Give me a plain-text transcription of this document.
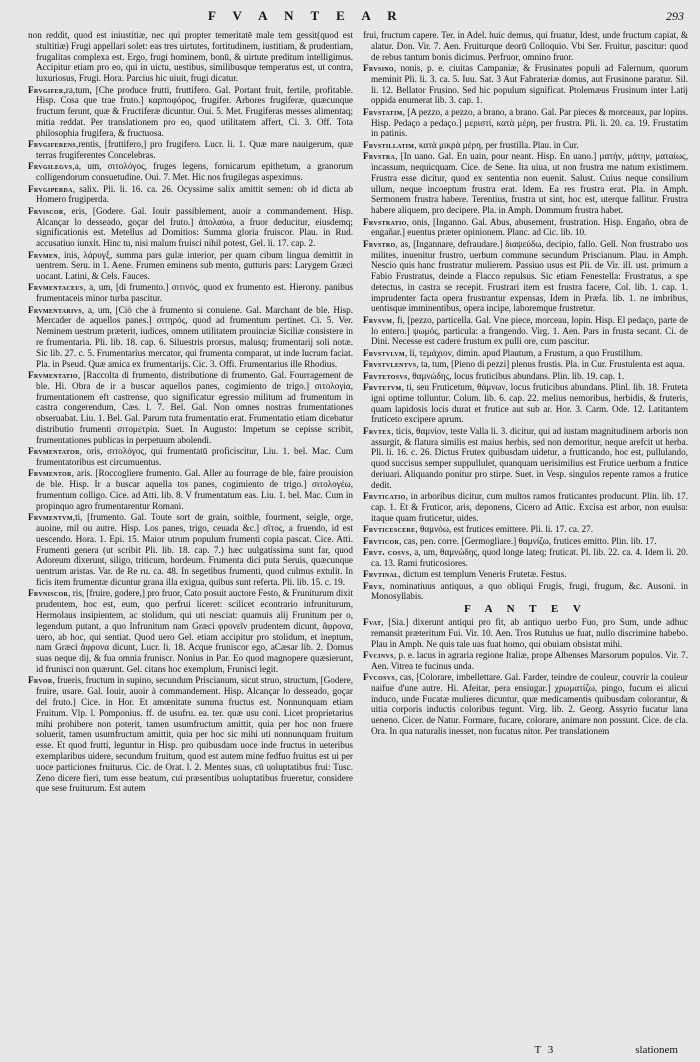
F V A N T E A R	293

non reddit, quod est iniustitiæ, nec qui propter temeritatē male tem gessit(quod est stultitiæ) Frugi appellari solet: eas tres uirtutes, fortitudinem, iustitiam, & prudentiam, frugalitas complexa est. Ergo, frugi hominem, bonū, & uirtute preditum intelligimus. Accipitur etiam pro eo, qui in uictu, uestibus, similibusque temperatus est, ut contra, luxuriosus, Frugi. Hora. Parcius hic uiuit, frugi dicatur.

Frvgifer,ra,tum, [Che produce frutti, fruttifero. Gal. Portant fruit, fertile, profitable. Hisp. Cosa que trae fruto.] καρποφόρος, frugifer. Arbores frugiferæ, quæcunque fructum ferunt, quæ & Fructiferæ dicuntur. Oui. 5. Met. Frugiferas messes alimentaq; mitia reddat. Per translationem pro eo, quod utilitatem affert, Ci. 3. Off. Tota philosophia frugifera, & fructuosa.

Frvgiferens,rentis, [fruttifero,] pro frugifero. Lucr. li. 1. Quæ mare nauigerum, quæ terras frugiferentes Concelebras.

Frvgilegvs,a, um, σιτολόγος, fruges legens, fornicarum epithetum, a granorum colligendorum consuetudine. Oui. 7. Met. Hic nos frugilegas aspeximus.

Frvgiperda, salix. Pli. li. 16. ca. 26. Ocyssime salix amittit semen: ob id dicta ab Homero frugiperda.

Frviscor, eris, [Godere. Gal. Iouir passiblement, auoir a commandement. Hisp. Alcançar lo desseado, goçar del fruto.] ἀπολαύω, a fruor deducitur, eiusdemq; significationis est. Metellus ad Domitios: Summa gloria fruiscor. Plau. in Rud. accusatiuo iunxit. Hinc tu, nisi malum fruisci nihil potest, Gel. li. 17. cap. 2.

Frvmen, inis, λάρυγξ, summa pars gulæ interior, per quam cibum lingua demittit in uentrem. Seru. in 1. Aene. Frumen eminens sub mento, gutturis pars: Larygem Græci uocant. Latini, & Cels. Fauces.

Frvmentaceus, a, um, [di frumento.] σιτινός, quod ex frumento est. Hierony. panibus frumentaceis minor turba pascitur.

Frvmentarivs, a, um, [Ciò che à frumento si conuiene. Gal. Marchant de ble. Hisp. Mercader de aquellos panes.] σιτηρός, quod ad frumentum pertinet. Ci. 5. Ver. Neminem uestrum præterit, iudices, omnem utilitatem prouinciæ Siciliæ consistere in re frumentaria. Pli. lib. 18. cap. 6. Siluestris prorsus, malusq; frumentarij soli notæ. Sic lib. 27. c. 5. Frumentarius mercator, qui frumenta comparat, ut inde lucrum faciat. Pla. in Pseud. Quæ amica ex frumentarijs. Cic. 3. Offi. Frumentarius ille Rhodius.

Frvmentatio, [Raccolta di frumento, distributione di frumento. Gal. Fourragement de ble. Hi. Obra de ir a buscar aquellos panes, cogimiento de trigo.] σιτολογία, frumentationem eft castrense, quo significatur egressio militum ad frumentum in castra congerendum, Cæs. l. 7. Bel. Gal. Non omnes nostras frumentationes obseruabat. Liu. 1. Bel. Gal. Parum tuta frumentatio erat. Frumentatio etiam dicebatur distributio frumenti σιτομετρία. Suet. In Augusto: Impetum se cepisse scribit, frumentationes publicas in perpetuum abolendi.

Frvmentator, oris, σιτολόγος, qui frumentatū proficiscitur, Liu. 1. bel. Mac. Cum frumentatoribus est circumuentus.

Frvmentor, aris. [Roccogliere frumento. Gal. Aller au fourrage de ble, faire prouision de ble. Hisp. Ir a buscar aquella tos panes, cogimiento de trigo.] σιτολογέω, frumentum colligo. Cice. ad Atti. lib. 8. V frumentatum eas. Liu. 1. bel. Mac. Cum in propinquo agro frumentarentur Romani.

Frvmentvm,ti, [frumento. Gal. Toute sort de grain, soitble, fourment, seigle, orge, auoine, mil ou autre. Hisp. Los panes, trigo, ceuada &c.] σῖτος, a fruendo, id est uescendo. Hora. 1. Epi. 15. Maior utrum populum frumenti copia pascat. Cice. Atti. Frumenti genera (ut scribit Pli. lib. 18. cap. 7.) hæc uulgatissima sunt far, quod Adoreum dixerunt, siligo, triticum, hordeum. Frumenta dici puta Seruis, quæcunque uentrum aristas. Var. de Re ru. ca. 48. In segetibus frumenti, quod culmus extulit. In ficis item frumentæ dicuntur grana illa exigua, quibus sunt referta. Pli. lib. 15. c. 19.

Frvniscor, ris, [fruire, godere,] pro fruor, Cato posuit auctore Festo, & Fruniturum dixit prudentem, hoc est, eum, quo perfrui liceret: scilicet econtrario infruniturum, Hermolaus insipientem, ac stolidum, qui uti nesciat: quamuis alij Frunitum per o, legendum putant, a quo Infrunitum nam Græci φρονεῖν prudentem dicunt, ἄφρονα, uero, ab hoc, qui sentiat. Quod uero Gel. etiam accipitur pro stolidum, et ineptum, nam Græci ἄφρονα dicunt, Lucr. li. 18. Acque fruniscor ego, aCæsar lib. 2. Domus suas neque dij, & fua omnia fruniscr. Nonius in Par. Eo quod magnopere quæsierunt, id frunisci non quærunt. Gel. citans hoc exemplum, Frunisci legit.

Frvor, frueris, fructum in supino, secundum Priscianum, sicut struo, structum, [Godere, fruire, usare. Gal. Iouir, auoir à commandement. Hisp. Alcançar lo desseado, goçar del fruto.] Cice. in Hor. Et amœnitate summa fructus est. Nonnunquam etiam Fruitum. Vlp. l. Pomponius. ff. de usufru. ea. ter. quæ usu coni. Licet proprietarius mihi prohibere non poterit, tamen usumfructum amittit, quia per hoc non fruere soluerit, tamen usumfructum amittit, quia per hoc sic mihi uti nonnunquam fruitum esse. Et quod frutti, leguntur in Hisp. pro quibusdam uoce inde fructus in ueteribus exemplaribus uidere, secundum fruitum, quod est autem mine fedfuo fruitus est ui per uoce particiones fruiturus. Cic. de Orat. l. 2. Mentes suas, cū uoluptatibus frui: Tusc. Zeno dicere fieri, tum esse beatum, cui præsentibus uoluptatibus frueretur, considere que sese fruiturum. Est autem

frui, fructum capere. Ter. in Adel. huic demus, qui fruatur, Idest, unde fructum capiat, & alatur. Don. Vir. 7. Aen. Fruiturque deorū Colloquio. Vbi Ser. Fruitur, pascitur: quod de rebus tantum bonis dicimus. Perfruor, omnino fruor.

Frvsino, nonis, p. e. ciuitas Campaniæ, & Frusinates populi ad Falernum, quorum meminit Pli. li. 3. ca. 5. Iuu. Sat. 3 Aut Fabrateriæ domus, aut Frusinone paratur. Sil. li. 12. Bellator Frusino. Sed hic populum significat. Ptolemæus Frusinum inter Latij oppida enumerat lib. 3. cap. 1.

Frvstatim, [A pezzo, a pezzo, a brano, a brano. Gal. Par pieces & morceaux, par lopins. Hisp. Pedaço a pedaço.] μεριστί, κατὰ μέρη, per frustra. Pli. li. 20. ca. 19. Frustatim in patinis.

Frvstillatim, κατὰ μικρὰ μέρη, per frustilla. Plau. in Cur.

Frvstra, [In uano. Gal. En uain, pour neant. Hisp. En uano.] ματήν, μάτην, ματαίως, incassum, nequicquam. Cice. de Sene. Ita uiua, ut non frustra me natum existimem. Frustra esse dicitur, quod ex sententia non euenit. Salust. Cuius neque consilium ullum, neque incoeptum frustra erat. Idem. Ea res frustra erat. Pla. in Amph. Sermonem frustra habere. Terentius, frustra ut sint, hoc est, uterque fallitur. Frustra habere aliquem, pro decipere. Pla. in Amph. Dommum frustra habet.

Frvstratio, onis, [Inganno. Gal. Abus, abusement, frustration. Hisp. Engaño, obra de engañar.] euentus præter opinionem. Planc. ad Cic. lib. 10.

Frvstro, as, [Ingannare, defraudare.] διαψεύδω, decipio, fallo. Gell. Non frustrabo uos milites, inuenitur frustro, uerbum commune secundum Priscianum. Plau. in Amph. Nescio quis hanc frustratur mulierem. Passiuo usus est Pli. de Vir. ill. ust. primum a Fabio Frustratus, deinde a Flacco repulsus. Sic etiam Fenestella: Frustratus, a spe detectus, in castra se recepit. Frustrari item est frustra facere, Col. lib. 1. cap. 1. imprudenter facta opera frustrantur expensas, Idem in Præfa. lib. 1. ne imbribus, uentisque imminentibus, opera incipe, laboremque frustretur.

Frvsvm, fi, [pezzo, particella. Gal. Vne piece, morceau, lopin. Hisp. El pedaço, parte de lo entero.] ψωμός, particula: a frangendo. Virg. 1. Aen. Pars in frusta secant. Ci. de Dini. Necesse est cadere frustum ex pulli ore, cum pascitur.

Frvstvlvm, li, τεμάχιον, dimin. apud Plautum, a Frustum, a quo Frustillum.

Frvstvlentvs, ta, tum, [Pieno di pezzi] plenus frustis. Pla. in Cur. Frustulenta est aqua.

Frvtetosvs, θαμνώδης, locus fruticibus abundans. Plin. lib. 19. cap. 1.

Frvtetvm, ti, seu Fruticetum, θάμνων, locus fruticibus abundans. Plinl. lib. 18. Fruteta igni optime tolluntur. Colum. lib. 6. cap. 22. melius nemoribus, herbidis, & fruteris, quam lapidosis locis durat et frutice aut sub ar. Hor. 3. Carm. Ode. 12. Latitantem fruticeto excipere aprum.

Frvtex, ticis, θαμνίον, teste Valla li. 3. dicitur, qui ad iustam magnitudinem arboris non assurgit, & flatura similis est maius herbis, sed non demoritur, neque arefcit ut herba. Pli. li. 16. c. 26. Dictus Frutex quibusdam uidetur, a frutticando, hoc est, pullulando, quod succisus semper suppullulet, quanquam uerisimilius est Frutice uerbum a frutice deriuari. Aliquando ponitur pro stirpe. Suet. in Vesp. singulos repente ramos a frutice dedit.

Frvticatio, in arboribus dicitur, cum multos ramos fruticantes producunt. Plin. lib. 17. cap. 1. Et & Fruticor, aris, deponens, Cicero ad Attic. Excisa est arbor, non euulsa: itaque quam fruticetur, uides.

Frvticescere, θαμνόω, est frutices emittere. Pli. li. 17. ca. 27.

Frvticor, cas, pen. corre. [Germogliare.] θαμνίζω, frutices emitto. Plin. lib. 17.

Frvt. cosvs, a, um, θαμνώδης, quod longe lateq; fruticat. Pl. lib. 22. ca. 4. Idem li. 20. ca. 13. Rami fruticosiores.

Frvtinal, dictum est templum Veneris Frutetæ. Festus.

Frvx, nominatiuus antiquus, a quo obliqui Frugis, frugi, frugum, &c. Ausoni. in Monosyllabis.

F A N T E V

Fvat, [Sia.] dixerunt antiqui pro fit, ab antiquo uerbo Fuo, pro Sum, unde adhuc remansit præteritum Fui. Vir. 10. Aen. Tros Rutulus ue fuat, nullo discrimine habebo. Plau in Amph. Ne quis tale uas fuat homo, qui obuiam obsistat mihi.

Fvcinvs, p. e. lacus in agraria regione Italiæ, prope Albenses Marsorum populos. Vir. 7. Aen. Vitrea te fucinus unda.

Fvcosvs, cas, [Colorare, imbellettare. Gal. Farder, teindre de couleur, couvrir la couleur naifue d'une autre. Hi. Afeitar, pera ensiugar.] χρωματίζω, pingo, fucum ei alicui induco, unde Fucatæ mulieres dicuntur, quæ medicamentis quibusdam colorantur, & uitia corporis inductis coloribus tegunt. Virg. lib. 2. Georg. Assyrio fucatur lana ueneno. Cicer. de Natur. Formare, fucare, colorare, animare non possunt. Cice. de cla. Ora. In qua naturalis inesset, non fucatus nitor. Per translationem

T 3	slationem
